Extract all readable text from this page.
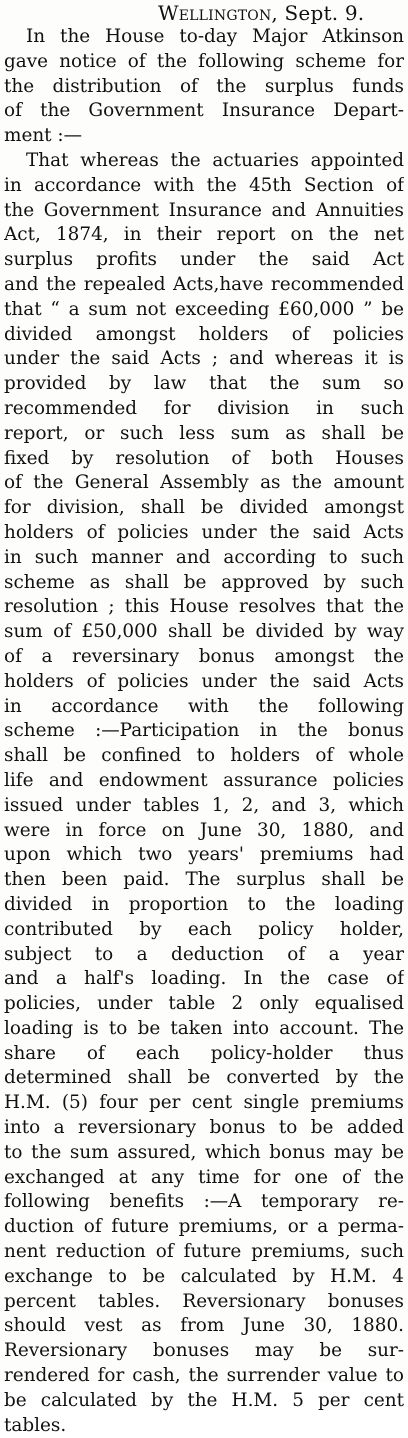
Wellington, Sept. 9.
In the House to-day Major Atkinson
gave notice of the following scheme for
the distribution of the surplus funds
of the Government Insurance Depart-
ment :—
That whereas the actuaries appointed
in accordance with the 45th Section of
the Government Insurance and Annuities
Act, 1874, in their report on the net
surplus profits under the said Act
and the repealed Acts,have recommended
that “ a sum not exceeding £60,000 ” be
divided amongst holders of policies
under the said Acts ; and whereas it is
provided by law that the sum so
recommended for division in such
report, or such less sum as shall be
fixed by resolution of both Houses
of the General Assembly as the amount
for division, shall be divided amongst
holders of policies under the said Acts
in such manner and according to such
scheme as shall be approved by such
resolution ; this House resolves that the
sum of £50,000 shall be divided by way
of a reversinary bonus amongst the
holders of policies under the said Acts
in accordance with the following
scheme :—Participation in the bonus
shall be confined to holders of whole
life and endowment assurance policies
issued under tables 1, 2, and 3, which
were in force on June 30, 1880, and
upon which two years' premiums had
then been paid. The surplus shall be
divided in proportion to the loading
contributed by each policy holder,
subject to a deduction of a year
and a half's loading. In the case of
policies, under table 2 only equalised
loading is to be taken into account. The
share of each policy-holder thus
determined shall be converted by the
H.M. (5) four per cent single premiums
into a reversionary bonus to be added
to the sum assured, which bonus may be
exchanged at any time for one of the
following benefits :—A temporary re-
duction of future premiums, or a perma-
nent reduction of future premiums, such
exchange to be calculated by H.M. 4
percent tables. Reversionary bonuses
should vest as from June 30, 1880.
Reversionary bonuses may be sur-
rendered for cash, the surrender value to
be calculated by the H.M. 5 per cent
tables.
